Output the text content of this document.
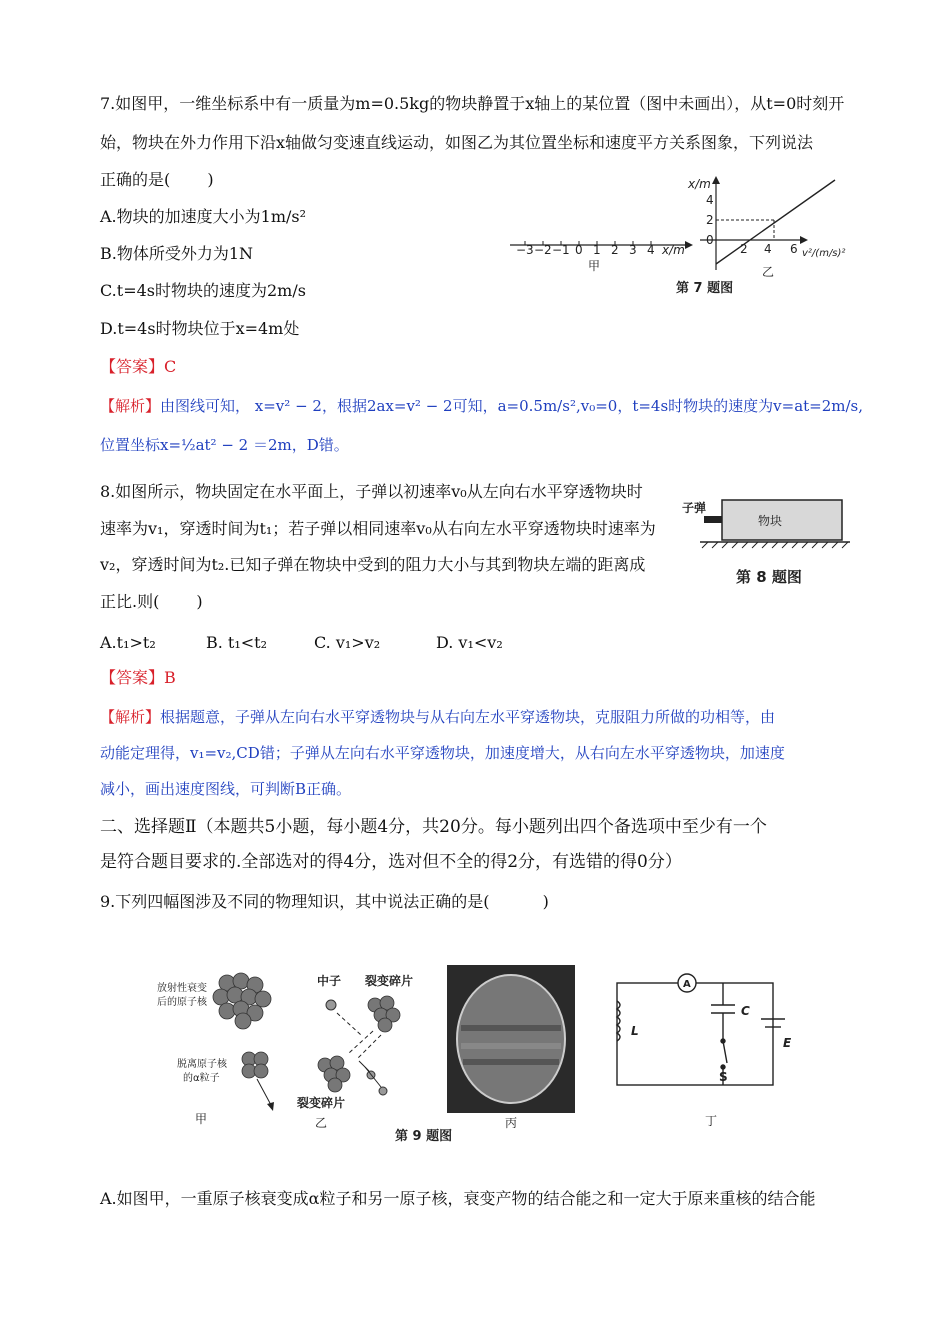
7.如图甲，一维坐标系中有一质量为m=0.5kg的物块静置于x轴上的某位置（图中未画出），从t=0时刻开
始，物块在外力作用下沿x轴做匀变速直线运动，如图乙为其位置坐标和速度平方关系图象，下列说法
正确的是(　　 )
A.物块的加速度大小为1m/s²
B.物体所受外力为1N
C.t=4s时物块的速度为2m/s
D.t=4s时物块位于x=4m处
【答案】C
【解析】由图线可知， x=v² − 2，根据2ax=v² − 2可知，a=0.5m/s²,v₀=0，t=4s时物块的速度为v=at=2m/s,
位置坐标x=½at² − 2 ＝2m，D错。
−3 −2 −1 0 1 2 3 4 x/m
甲
x/m
4
2
0
2 4 6 v²/(m/s)²
乙
第 7 题图
8.如图所示，物块固定在水平面上，子弹以初速率v₀从左向右水平穿透物块时
速率为v₁，穿透时间为t₁；若子弹以相同速率v₀从右向左水平穿透物块时速率为
v₂，穿透时间为t₂.已知子弹在物块中受到的阻力大小与其到物块左端的距离成
正比.则(　　 )
A.t₁>t₂	B. t₁<t₂	C. v₁>v₂	D. v₁<v₂
【答案】B
【解析】根据题意，子弹从左向右水平穿透物块与从右向左水平穿透物块，克服阻力所做的功相等，由
动能定理得，v₁=v₂,CD错；子弹从左向右水平穿透物块，加速度增大，从右向左水平穿透物块，加速度
减小，画出速度图线，可判断B正确。
子弹
物块
第 8 题图
二、选择题Ⅱ（本题共5小题，每小题4分，共20分。每小题列出四个备选项中至少有一个
是符合题目要求的.全部选对的得4分，选对但不全的得2分，有选错的得0分）
9.下列四幅图涉及不同的物理知识，其中说法正确的是(　　　 )
放射性衰变
后的原子核
脱离原子核
的α粒子
甲
中子 裂变碎片
裂变碎片
乙	丙
A
C
L
E
S
丁
第 9 题图
A.如图甲，一重原子核衰变成α粒子和另一原子核，衰变产物的结合能之和一定大于原来重核的结合能
